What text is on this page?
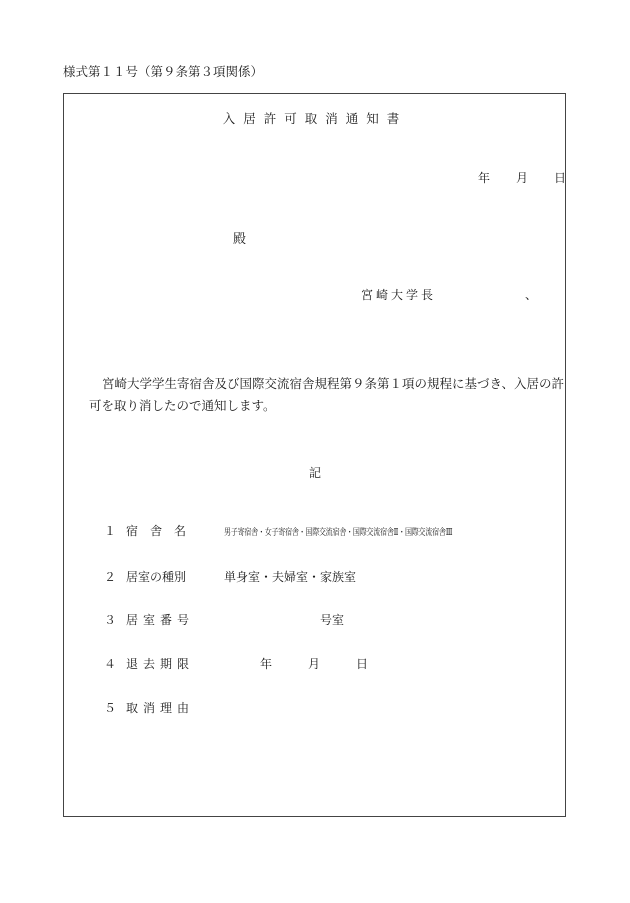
様式第１１号（第９条第３項関係）
入居許可取消通知書
年 月 日
殿
宮崎大学長	、
宮崎大学学生寄宿舎及び国際交流宿舎規程第９条第１項の規程に基づき、入居の許可を取り消したので通知します。
記
１ 宿舎名	男子寄宿舎・女子寄宿舎・国際交流宿舎・国際交流宿舎Ⅱ・国際交流宿舎Ⅲ
２ 居室の種別	単身室・夫婦室・家族室
３ 居室番号	号室
４ 退去期限	年	月	日
５ 取消理由
